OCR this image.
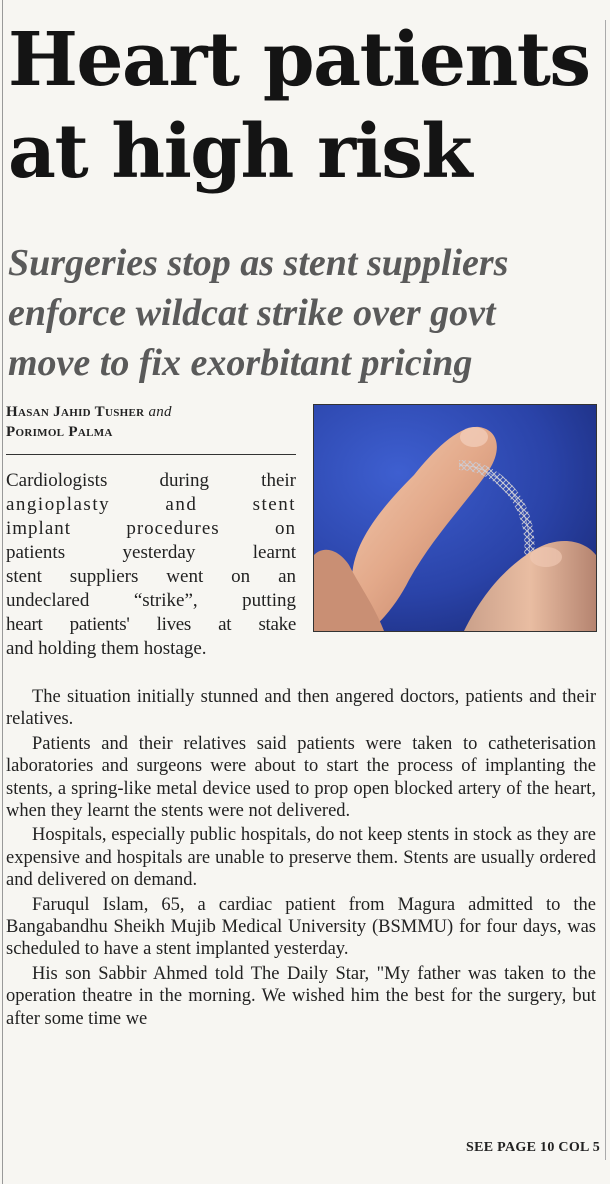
Heart patients
at high risk
Surgeries stop as stent suppliers
enforce wildcat strike over govt
move to fix exorbitant pricing
Hasan Jahid Tusher and
Porimol Palma
Cardiologists during their
angioplasty and stent
implant procedures on
patients yesterday learnt
stent suppliers went on an
undeclared “strike”, putting
heart patients' lives at stake
and holding them hostage.

The situation initially stunned and then angered doctors, patients and their relatives.

Patients and their relatives said patients were taken to catheterisation laboratories and surgeons were about to start the process of implanting the stents, a spring-like metal device used to prop open blocked artery of the heart, when they learnt the stents were not delivered.

Hospitals, especially public hospitals, do not keep stents in stock as they are expensive and hospitals are unable to preserve them. Stents are usually ordered and delivered on demand.

Faruqul Islam, 65, a cardiac patient from Magura admitted to the Bangabandhu Sheikh Mujib Medical University (BSMMU) for four days, was scheduled to have a stent implanted yesterday.

His son Sabbir Ahmed told The Daily Star, "My father was taken to the operation theatre in the morning. We wished him the best for the surgery, but after some time we

SEE PAGE 10 COL 5
